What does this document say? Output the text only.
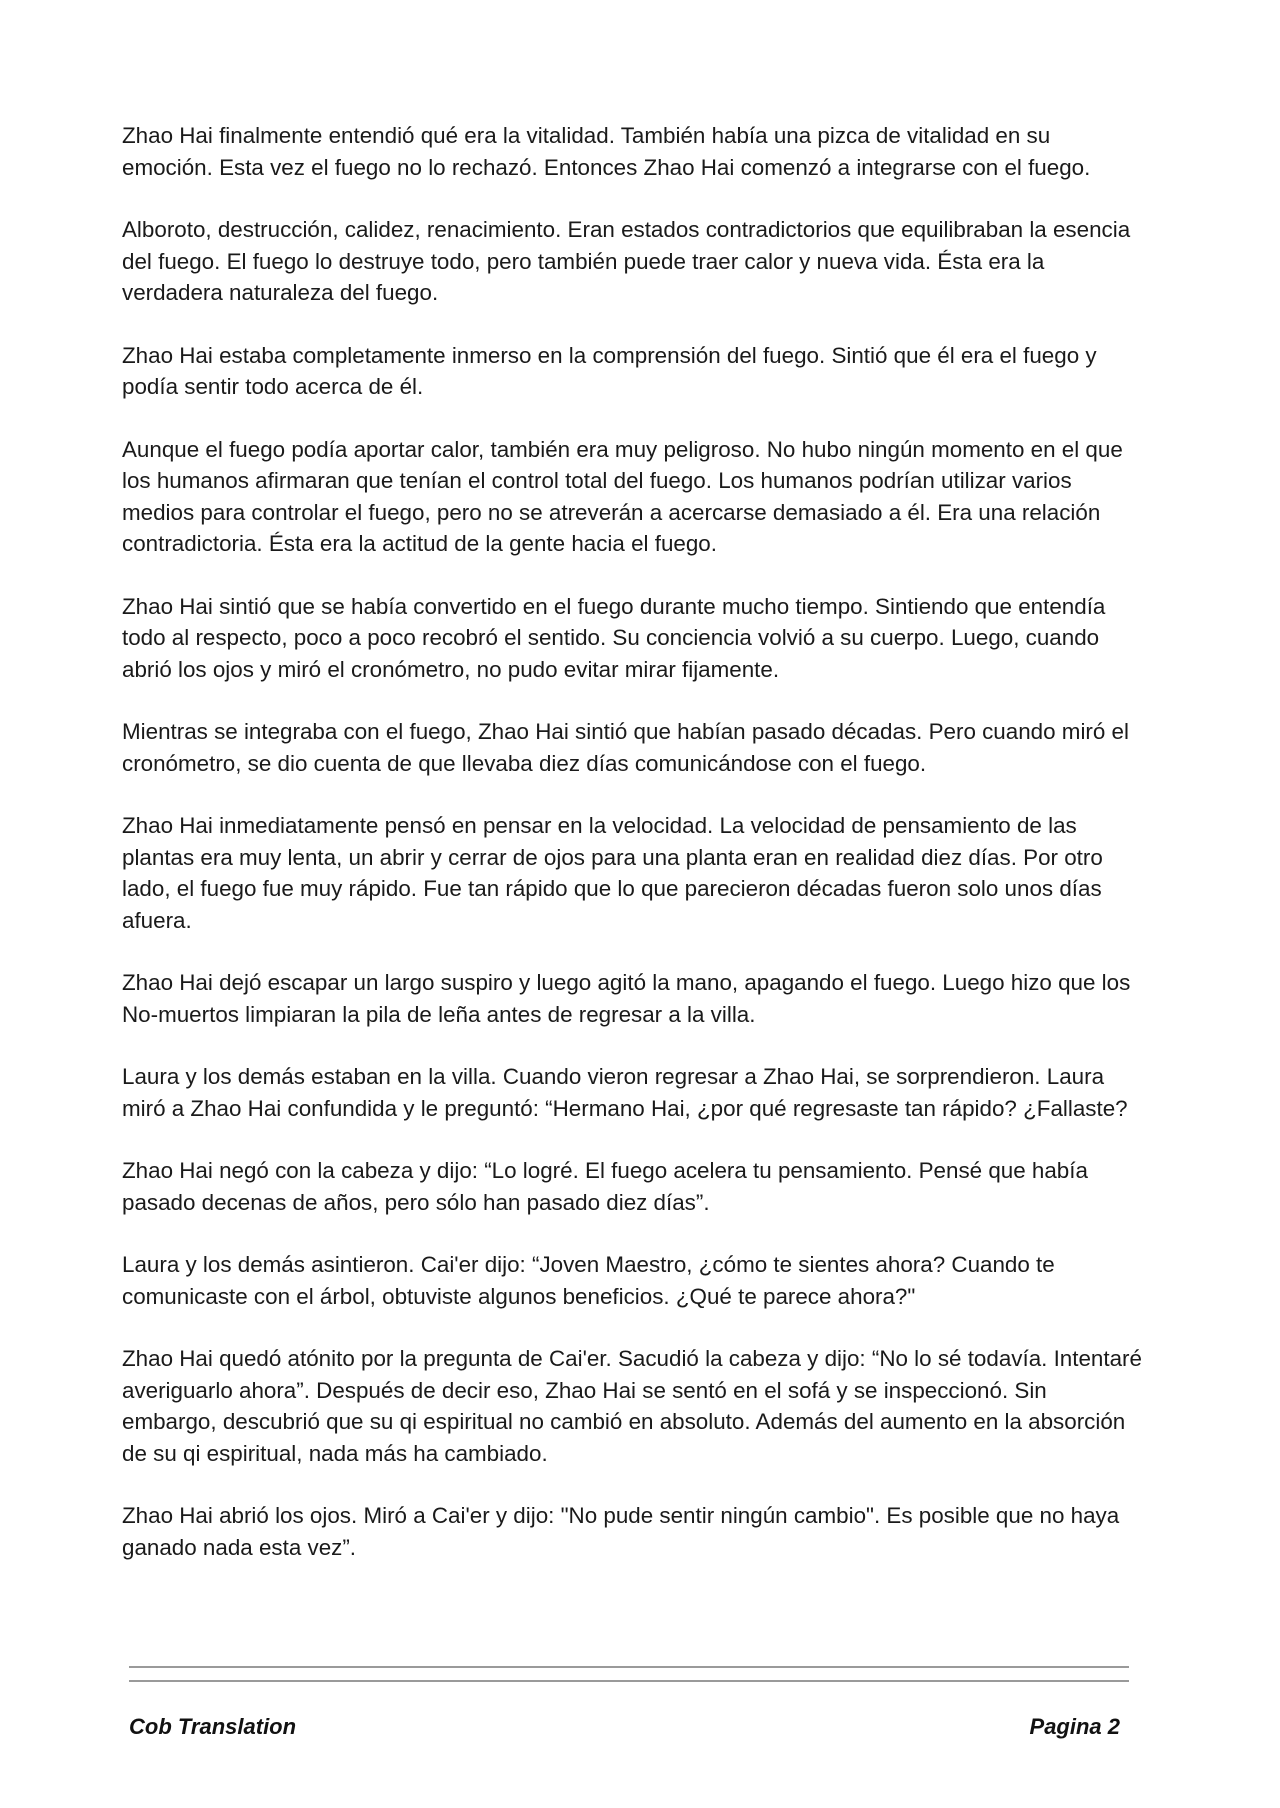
Zhao Hai finalmente entendió qué era la vitalidad. También había una pizca de vitalidad en su emoción. Esta vez el fuego no lo rechazó. Entonces Zhao Hai comenzó a integrarse con el fuego.

Alboroto, destrucción, calidez, renacimiento. Eran estados contradictorios que equilibraban la esencia del fuego. El fuego lo destruye todo, pero también puede traer calor y nueva vida. Ésta era la verdadera naturaleza del fuego.

Zhao Hai estaba completamente inmerso en la comprensión del fuego. Sintió que él era el fuego y podía sentir todo acerca de él.

Aunque el fuego podía aportar calor, también era muy peligroso. No hubo ningún momento en el que los humanos afirmaran que tenían el control total del fuego. Los humanos podrían utilizar varios medios para controlar el fuego, pero no se atreverán a acercarse demasiado a él. Era una relación contradictoria. Ésta era la actitud de la gente hacia el fuego.

Zhao Hai sintió que se había convertido en el fuego durante mucho tiempo. Sintiendo que entendía todo al respecto, poco a poco recobró el sentido. Su conciencia volvió a su cuerpo. Luego, cuando abrió los ojos y miró el cronómetro, no pudo evitar mirar fijamente.

Mientras se integraba con el fuego, Zhao Hai sintió que habían pasado décadas. Pero cuando miró el cronómetro, se dio cuenta de que llevaba diez días comunicándose con el fuego.

Zhao Hai inmediatamente pensó en pensar en la velocidad. La velocidad de pensamiento de las plantas era muy lenta, un abrir y cerrar de ojos para una planta eran en realidad diez días. Por otro lado, el fuego fue muy rápido. Fue tan rápido que lo que parecieron décadas fueron solo unos días afuera.

Zhao Hai dejó escapar un largo suspiro y luego agitó la mano, apagando el fuego. Luego hizo que los No-muertos limpiaran la pila de leña antes de regresar a la villa.

Laura y los demás estaban en la villa. Cuando vieron regresar a Zhao Hai, se sorprendieron. Laura miró a Zhao Hai confundida y le preguntó: “Hermano Hai, ¿por qué regresaste tan rápido? ¿Fallaste?

Zhao Hai negó con la cabeza y dijo: “Lo logré. El fuego acelera tu pensamiento. Pensé que había pasado decenas de años, pero sólo han pasado diez días”.

Laura y los demás asintieron. Cai'er dijo: “Joven Maestro, ¿cómo te sientes ahora? Cuando te comunicaste con el árbol, obtuviste algunos beneficios. ¿Qué te parece ahora?"

Zhao Hai quedó atónito por la pregunta de Cai'er. Sacudió la cabeza y dijo: “No lo sé todavía. Intentaré averiguarlo ahora”. Después de decir eso, Zhao Hai se sentó en el sofá y se inspeccionó. Sin embargo, descubrió que su qi espiritual no cambió en absoluto. Además del aumento en la absorción de su qi espiritual, nada más ha cambiado.

Zhao Hai abrió los ojos. Miró a Cai'er y dijo: "No pude sentir ningún cambio". Es posible que no haya ganado nada esta vez”.

Cob Translation	Pagina 2
